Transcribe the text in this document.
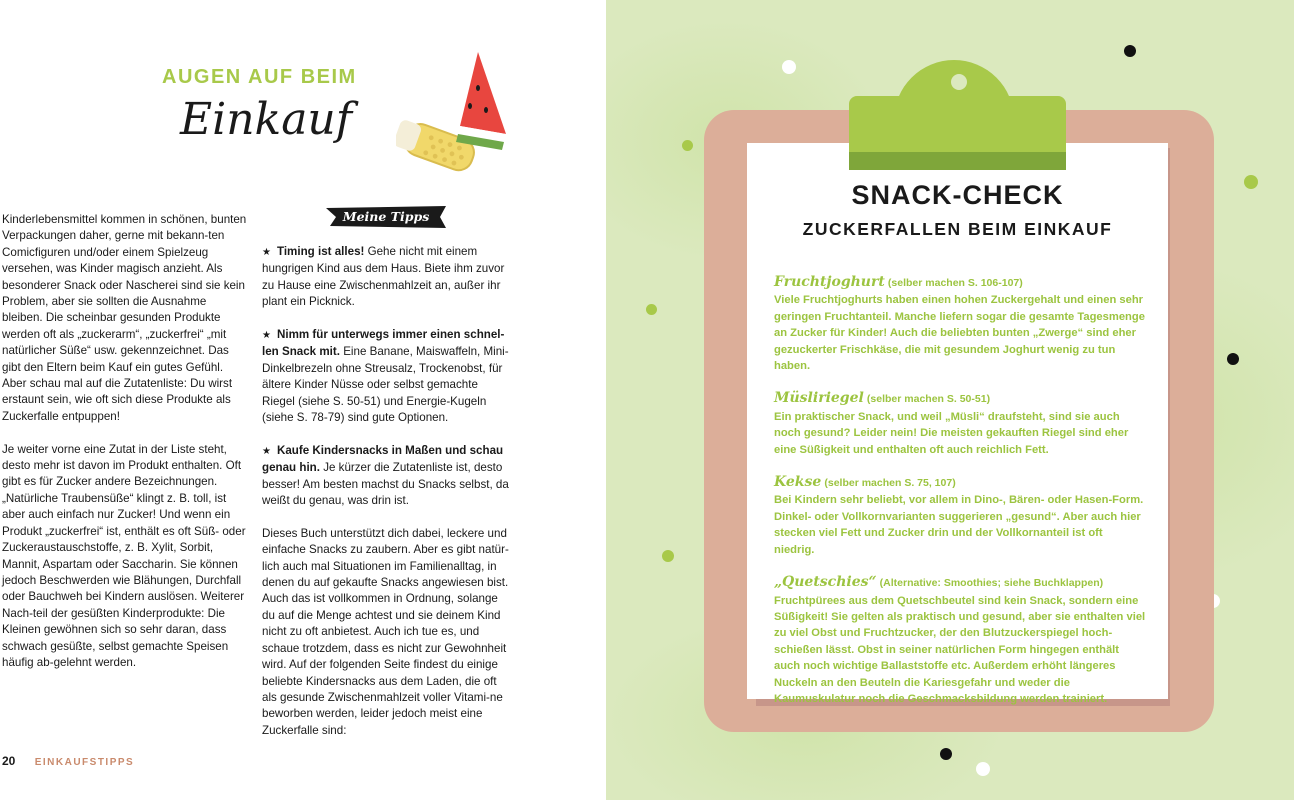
AUGEN AUF BEIM
Einkauf

Kinderlebensmittel kommen in schönen, bunten Verpackungen daher, gerne mit bekann-ten Comicfiguren und/oder einem Spielzeug versehen, was Kinder magisch anzieht. Als besonderer Snack oder Nascherei sind sie kein Problem, aber sie sollten die Ausnahme bleiben. Die scheinbar gesunden Produkte werden oft als „zuckerarm“, „zuckerfrei“ „mit natürlicher Süße“ usw. gekennzeichnet. Das gibt den Eltern beim Kauf ein gutes Gefühl. Aber schau mal auf die Zutatenliste: Du wirst erstaunt sein, wie oft sich diese Produkte als Zuckerfalle entpuppen!

Je weiter vorne eine Zutat in der Liste steht, desto mehr ist davon im Produkt enthalten. Oft gibt es für Zucker andere Bezeichnungen. „Natürliche Traubensüße“ klingt z. B. toll, ist aber auch einfach nur Zucker! Und wenn ein Produkt „zuckerfrei“ ist, enthält es oft Süß- oder Zuckeraustauschstoffe, z. B. Xylit, Sorbit, Mannit, Aspartam oder Saccharin. Sie können jedoch Beschwerden wie Blähungen, Durchfall oder Bauchweh bei Kindern auslösen. Weiterer Nach-teil der gesüßten Kinderprodukte: Die Kleinen gewöhnen sich so sehr daran, dass schwach gesüßte, selbst gemachte Speisen häufig ab-gelehnt werden.

Meine Tipps

★ Timing ist alles! Gehe nicht mit einem hungrigen Kind aus dem Haus. Biete ihm zuvor zu Hause eine Zwischenmahlzeit an, außer ihr plant ein Picknick.

★ Nimm für unterwegs immer einen schnel-len Snack mit. Eine Banane, Maiswaffeln, Mini-Dinkelbrezeln ohne Streusalz, Trockenobst, für ältere Kinder Nüsse oder selbst gemachte Riegel (siehe S. 50-51) und Energie-Kugeln (siehe S. 78-79) sind gute Optionen.

★ Kaufe Kindersnacks in Maßen und schau genau hin. Je kürzer die Zutatenliste ist, desto besser! Am besten machst du Snacks selbst, da weißt du genau, was drin ist.

Dieses Buch unterstützt dich dabei, leckere und einfache Snacks zu zaubern. Aber es gibt natür-lich auch mal Situationen im Familienalltag, in denen du auf gekaufte Snacks angewiesen bist. Auch das ist vollkommen in Ordnung, solange du auf die Menge achtest und sie deinem Kind nicht zu oft anbietest. Auch ich tue es, und schaue trotzdem, dass es nicht zur Gewohnheit wird. Auf der folgenden Seite findest du einige beliebte Kindersnacks aus dem Laden, die oft als gesunde Zwischenmahlzeit voller Vitami-ne beworben werden, leider jedoch meist eine Zuckerfalle sind:

20 EINKAUFSTIPPS
SNACK-CHECK
ZUCKERFALLEN BEIM EINKAUF
Fruchtjoghurt (selber machen S. 106-107)
Viele Fruchtjoghurts haben einen hohen Zuckergehalt und einen sehr geringen Fruchtanteil. Manche liefern sogar die gesamte Tagesmenge an Zucker für Kinder! Auch die beliebten bunten „Zwerge“ sind eher gezuckerter Frischkäse, die mit gesundem Joghurt wenig zu tun haben.
Müsliriegel (selber machen S. 50-51)
Ein praktischer Snack, und weil „Müsli“ draufsteht, sind sie auch noch gesund? Leider nein! Die meisten gekauften Riegel sind eher eine Süßigkeit und enthalten oft auch reichlich Fett.
Kekse (selber machen S. 75, 107)
Bei Kindern sehr beliebt, vor allem in Dino-, Bären- oder Hasen-Form. Dinkel- oder Vollkornvarianten suggerieren „gesund“. Aber auch hier stecken viel Fett und Zucker drin und der Vollkornanteil ist oft niedrig.
„Quetschies“ (Alternative: Smoothies; siehe Buchklappen)
Fruchtpürees aus dem Quetschbeutel sind kein Snack, sondern eine Süßigkeit! Sie gelten als praktisch und gesund, aber sie enthalten viel zu viel Obst und Fruchtzucker, der den Blutzuckerspiegel hoch-schießen lässt. Obst in seiner natürlichen Form hingegen enthält auch noch wichtige Ballaststoffe etc. Außerdem erhöht längeres Nuckeln an den Beuteln die Kariesgefahr und weder die Kaumuskulatur noch die Geschmacksbildung werden trainiert.
